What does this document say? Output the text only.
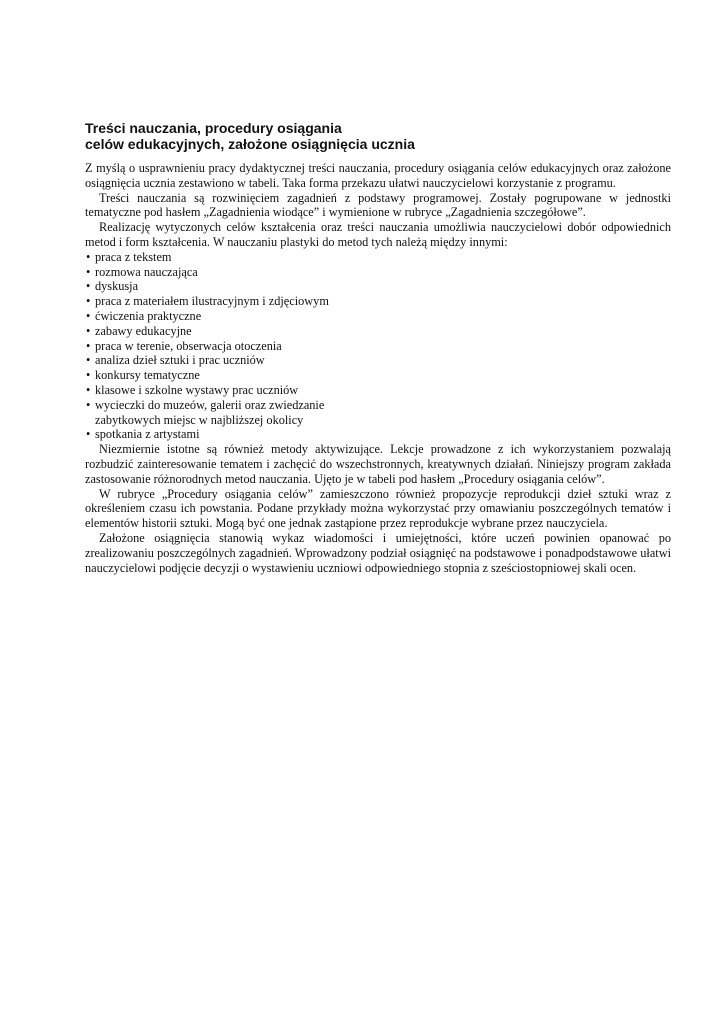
Treści nauczania, procedury osiągania
celów edukacyjnych, założone osiągnięcia ucznia

Z myślą o usprawnieniu pracy dydaktycznej treści nauczania, procedury osiągania celów edukacyjnych oraz założone osiągnięcia ucznia zestawiono w tabeli. Taka forma przekazu ułatwi nauczycielowi korzystanie z programu.

Treści nauczania są rozwinięciem zagadnień z podstawy programowej. Zostały pogrupowane w jednostki tematyczne pod hasłem „Zagadnienia wiodące” i wymienione w rubryce „Zagadnienia szczegółowe”.

Realizację wytyczonych celów kształcenia oraz treści nauczania umożliwia nauczycielowi dobór odpowiednich metod i form kształcenia. W nauczaniu plastyki do metod tych należą między innymi:

• praca z tekstem
• rozmowa nauczająca
• dyskusja
• praca z materiałem ilustracyjnym i zdjęciowym
• ćwiczenia praktyczne
• zabawy edukacyjne
• praca w terenie, obserwacja otoczenia
• analiza dzieł sztuki i prac uczniów
• konkursy tematyczne
• klasowe i szkolne wystawy prac uczniów
• wycieczki do muzeów, galerii oraz zwiedzanie zabytkowych miejsc w najbliższej okolicy
• spotkania z artystami

Niezmiernie istotne są również metody aktywizujące. Lekcje prowadzone z ich wykorzystaniem pozwalają rozbudzić zainteresowanie tematem i zachęcić do wszechstronnych, kreatywnych działań. Niniejszy program zakłada zastosowanie różnorodnych metod nauczania. Ujęto je w tabeli pod hasłem „Procedury osiągania celów”.

W rubryce „Procedury osiągania celów” zamieszczono również propozycje reprodukcji dzieł sztuki wraz z określeniem czasu ich powstania. Podane przykłady można wykorzystać przy omawianiu poszczególnych tematów i elementów historii sztuki. Mogą być one jednak zastąpione przez reprodukcje wybrane przez nauczyciela.

Założone osiągnięcia stanowią wykaz wiadomości i umiejętności, które uczeń powinien opanować po zrealizowaniu poszczególnych zagadnień. Wprowadzony podział osiągnięć na podstawowe i ponadpodstawowe ułatwi nauczycielowi podjęcie decyzji o wystawieniu uczniowi odpowiedniego stopnia z sześciostopniowej skali ocen.
